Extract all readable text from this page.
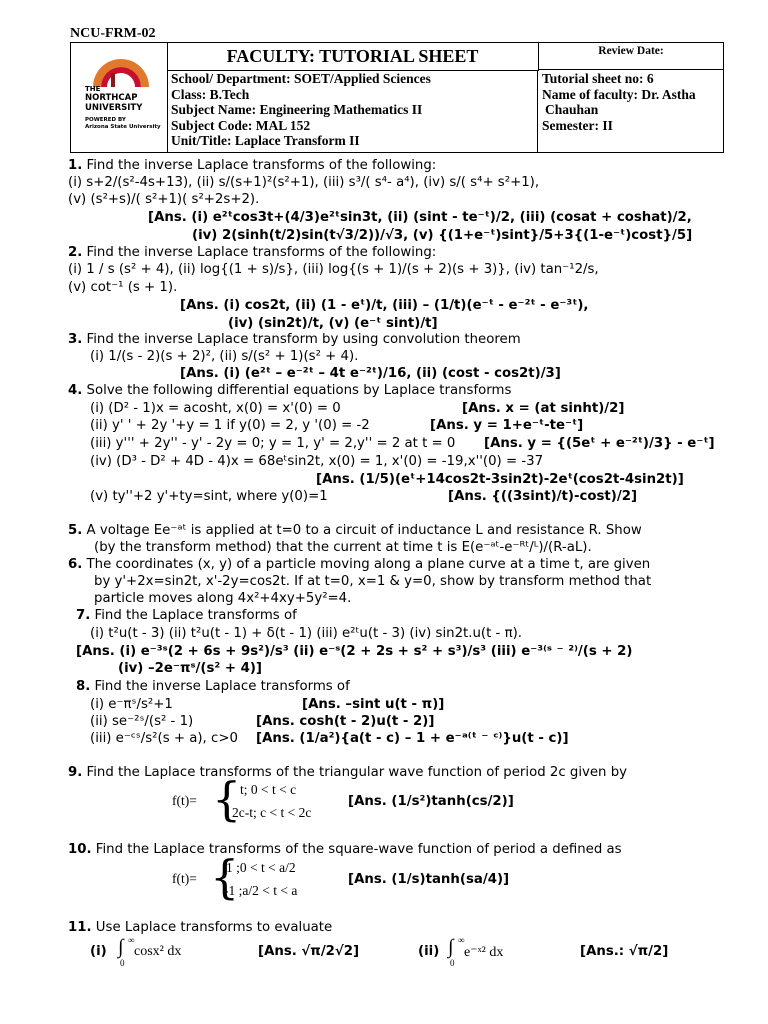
NCU-FRM-02
THE
NORTHCAP
UNIVERSITY
POWERED BY
Arizona State University
FACULTY: TUTORIAL SHEET	Review Date:
School/ Department: SOET/Applied Sciences
Class: B.Tech
Subject Name: Engineering Mathematics II
Subject Code: MAL 152
Unit/Title: Laplace Transform II
Tutorial sheet no: 6
Name of faculty: Dr. Astha
Chauhan
Semester: II
1. Find the inverse Laplace transforms of the following:
(i) s+2/(s²-4s+13), (ii) s/(s+1)²(s²+1), (iii) s³/( s⁴- a⁴), (iv) s/( s⁴+ s²+1),
(v) (s²+s)/( s²+1)( s²+2s+2).
[Ans. (i) e²ᵗcos3t+(4/3)e²ᵗsin3t, (ii) (sint - te⁻ᵗ)/2, (iii) (cosat + coshat)/2,
(iv) 2(sinh(t/2)sin(t√3/2))/√3, (v) {(1+e⁻ᵗ)sint}/5+3{(1-e⁻ᵗ)cost}/5]
2. Find the inverse Laplace transforms of the following:
(i) 1 / s (s² + 4), (ii) log{(1 + s)/s}, (iii) log{(s + 1)/(s + 2)(s + 3)}, (iv) tan⁻¹2/s,
(v) cot⁻¹ (s + 1).
[Ans. (i) cos2t, (ii) (1 - eᵗ)/t, (iii) – (1/t)(e⁻ᵗ - e⁻²ᵗ - e⁻³ᵗ),
(iv) (sin2t)/t, (v) (e⁻ᵗ sint)/t]
3. Find the inverse Laplace transform by using convolution theorem
(i) 1/(s - 2)(s + 2)², (ii) s/(s² + 1)(s² + 4).
[Ans. (i) (e²ᵗ – e⁻²ᵗ – 4t e⁻²ᵗ)/16, (ii) (cost - cos2t)/3]
4. Solve the following differential equations by Laplace transforms
(i) (D² - 1)x = acosht, x(0) = x'(0) = 0	[Ans. x = (at sinht)/2]
(ii) y' ' + 2y '+y = 1 if y(0) = 2, y '(0) = -2	[Ans. y = 1+e⁻ᵗ-te⁻ᵗ]
(iii) y''' + 2y'' - y' - 2y = 0; y = 1, y' = 2,y'' = 2 at t = 0 [Ans. y = {(5eᵗ + e⁻²ᵗ)/3} - e⁻ᵗ]
(iv) (D³ - D² + 4D - 4)x = 68eᵗsin2t, x(0) = 1, x'(0) = -19,x''(0) = -37
[Ans. (1/5)(eᵗ+14cos2t-3sin2t)-2eᵗ(cos2t-4sin2t)]
(v) ty''+2 y'+ty=sint, where y(0)=1	[Ans. {((3sint)/t)-cost)/2]
5. A voltage Ee⁻ᵃᵗ is applied at t=0 to a circuit of inductance L and resistance R. Show
(by the transform method) that the current at time t is E(e⁻ᵃᵗ-e⁻ᴿᵗ/ᴸ)/(R-aL).
6. The coordinates (x, y) of a particle moving along a plane curve at a time t, are given
by y'+2x=sin2t, x'-2y=cos2t. If at t=0, x=1 & y=0, show by transform method that
particle moves along 4x²+4xy+5y²=4.
7. Find the Laplace transforms of
(i) t²u(t - 3) (ii) t²u(t - 1) + δ(t - 1) (iii) e²ᵗu(t - 3) (iv) sin2t.u(t - π).
[Ans. (i) e⁻³ˢ(2 + 6s + 9s²)/s³ (ii) e⁻ˢ(2 + 2s + s² + s³)/s³ (iii) e⁻³⁽ˢ ⁻ ²⁾/(s + 2)
(iv) –2e⁻πˢ/(s² + 4)]
8. Find the inverse Laplace transforms of
(i) e⁻πˢ/s²+1	[Ans. –sint u(t - π)]
(ii) se⁻²ˢ/(s² - 1)	[Ans. cosh(t - 2)u(t - 2)]
(iii) e⁻ᶜˢ/s²(s + a), c>0 [Ans. (1/a²){a(t - c) – 1 + e⁻ᵃ⁽ᵗ ⁻ ᶜ⁾}u(t - c)]
9. Find the Laplace transforms of the triangular wave function of period 2c given by
f(t)= {
t; 0 < t < c
2c-t; c < t < 2c
[Ans. (1/s²)tanh(cs/2)]
10. Find the Laplace transforms of the square-wave function of period a defined as
f(t)= {
1 ;0 < t < a/2
-1 ;a/2 < t < a
[Ans. (1/s)tanh(sa/4)]
11. Use Laplace transforms to evaluate
(i) ∫ ∞
0
cosx² dx	[Ans. √π/2√2]	(ii) ∫ ∞
0
e⁻ˣ² dx	[Ans.: √π/2]
